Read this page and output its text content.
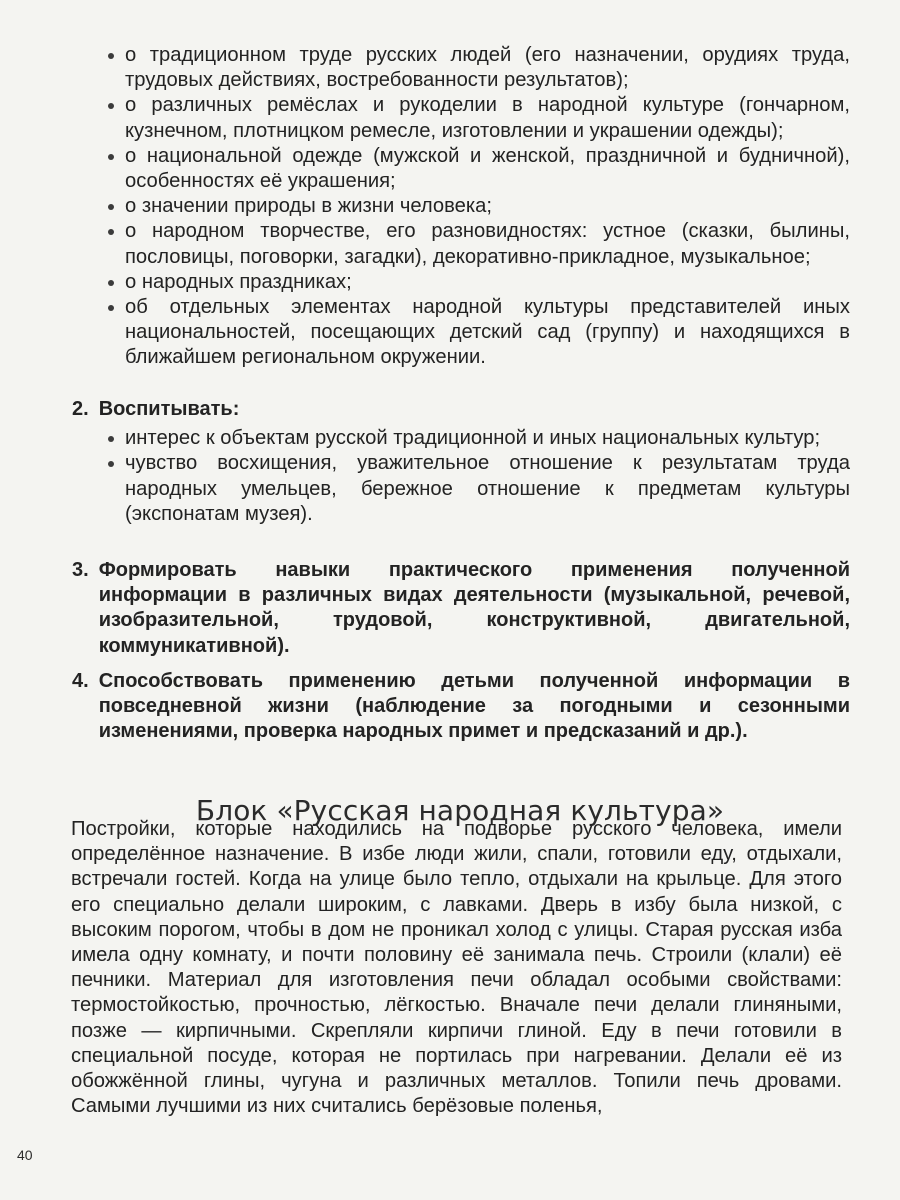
о традиционном труде русских людей (его назначении, орудиях труда, трудовых действиях, востребованности результатов);
о различных ремёслах и рукоделии в народной культуре (гончарном, кузнечном, плотницком ремесле, изготовлении и украшении одежды);
о национальной одежде (мужской и женской, праздничной и будничной), особенностях её украшения;
о значении природы в жизни человека;
о народном творчестве, его разновидностях: устное (сказки, былины, пословицы, поговорки, загадки), декоративно-прикладное, музыкальное;
о народных праздниках;
об отдельных элементах народной культуры представителей иных национальностей, посещающих детский сад (группу) и находящихся в ближайшем региональном окружении.
2. Воспитывать:
интерес к объектам русской традиционной и иных национальных культур;
чувство восхищения, уважительное отношение к результатам труда народных умельцев, бережное отношение к предметам культуры (экспонатам музея).
3. Формировать навыки практического применения полученной информации в различных видах деятельности (музыкальной, речевой, изобразительной, трудовой, конструктивной, двигательной, коммуникативной).
4. Способствовать применению детьми полученной информации в повседневной жизни (наблюдение за погодными и сезонными изменениями, проверка народных примет и предсказаний и др.).
Блок «Русская народная культура»

Постройки, которые находились на подворье русского человека, имели определённое назначение. В избе люди жили, спали, готовили еду, отдыхали, встречали гостей. Когда на улице было тепло, отдыхали на крыльце. Для этого его специально делали широким, с лавками. Дверь в избу была низкой, с высоким порогом, чтобы в дом не проникал холод с улицы. Старая русская изба имела одну комнату, и почти половину её занимала печь. Строили (клали) её печники. Материал для изготовления печи обладал особыми свойствами: термостойкостью, прочностью, лёгкостью. Вначале печи делали глиняными, позже — кирпичными. Скрепляли кирпичи глиной. Еду в печи готовили в специальной посуде, которая не портилась при нагревании. Делали её из обожжённой глины, чугуна и различных металлов. Топили печь дровами. Самыми лучшими из них считались берёзовые поленья,

40
